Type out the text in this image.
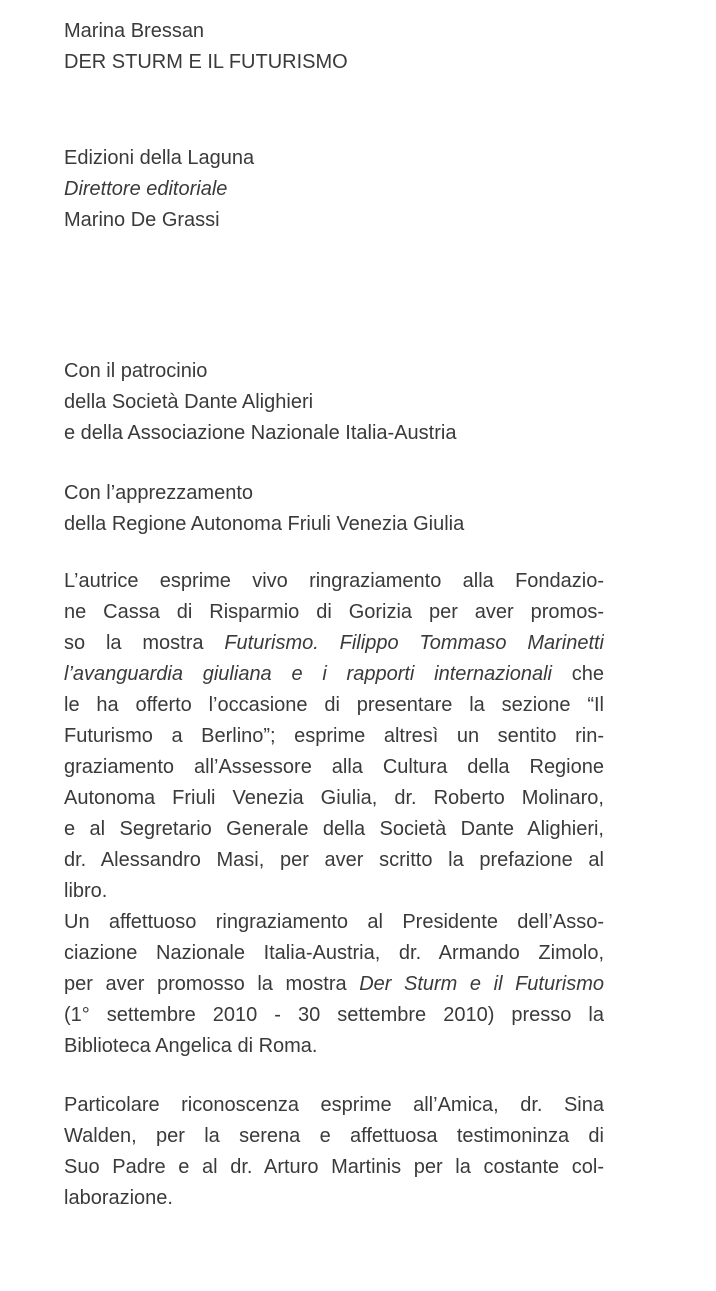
Marina Bressan
DER STURM E IL FUTURISMO
Edizioni della Laguna
Direttore editoriale
Marino De Grassi
Con il patrocinio
della Società Dante Alighieri
e della Associazione Nazionale Italia-Austria
Con l’apprezzamento
della Regione Autonoma Friuli Venezia Giulia
L’autrice esprime vivo ringraziamento alla Fondazio-
ne Cassa di Risparmio di Gorizia per aver promos-
so la mostra Futurismo. Filippo Tommaso Marinetti
l’avanguardia giuliana e i rapporti internazionali che
le ha offerto l’occasione di presentare la sezione “Il
Futurismo a Berlino”; esprime altresì un sentito rin-
graziamento all’Assessore alla Cultura della Regione
Autonoma Friuli Venezia Giulia, dr. Roberto Molinaro,
e al Segretario Generale della Società Dante Alighieri,
dr. Alessandro Masi, per aver scritto la prefazione al
libro.
Un affettuoso ringraziamento al Presidente dell’Asso-
ciazione Nazionale Italia-Austria, dr. Armando Zimolo,
per aver promosso la mostra Der Sturm e il Futurismo
(1° settembre 2010 - 30 settembre 2010) presso la
Biblioteca Angelica di Roma.
Particolare riconoscenza esprime all’Amica, dr. Sina
Walden, per la serena e affettuosa testimoninza di
Suo Padre e al dr. Arturo Martinis per la costante col-
laborazione.
